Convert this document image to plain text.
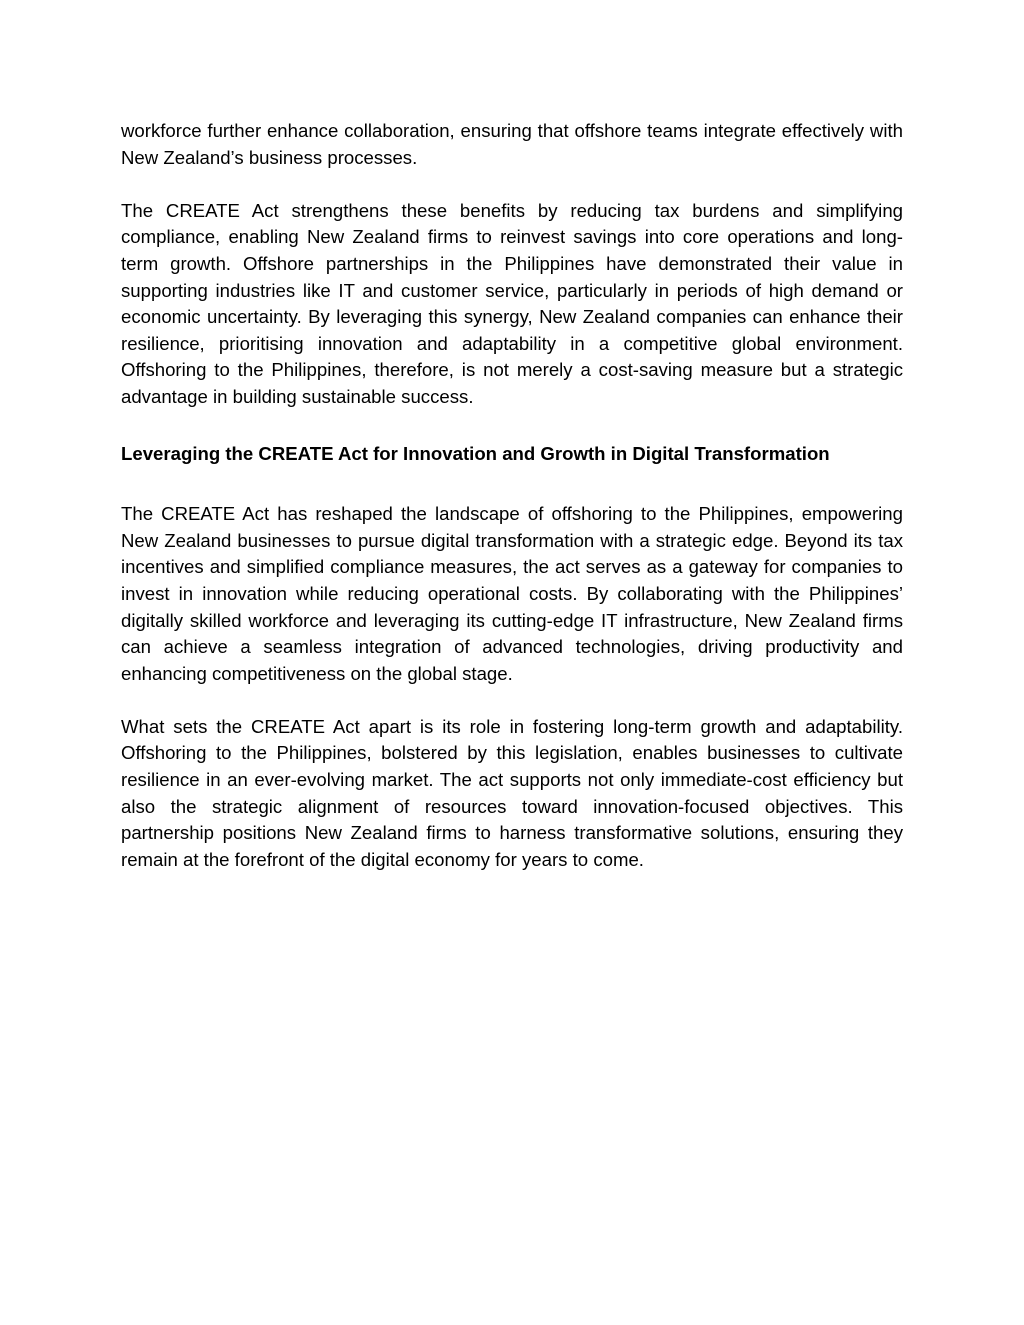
workforce further enhance collaboration, ensuring that offshore teams integrate effectively with New Zealand’s business processes.

The CREATE Act strengthens these benefits by reducing tax burdens and simplifying compliance, enabling New Zealand firms to reinvest savings into core operations and long-term growth. Offshore partnerships in the Philippines have demonstrated their value in supporting industries like IT and customer service, particularly in periods of high demand or economic uncertainty. By leveraging this synergy, New Zealand companies can enhance their resilience, prioritising innovation and adaptability in a competitive global environment. Offshoring to the Philippines, therefore, is not merely a cost-saving measure but a strategic advantage in building sustainable success.

Leveraging the CREATE Act for Innovation and Growth in Digital Transformation

The CREATE Act has reshaped the landscape of offshoring to the Philippines, empowering New Zealand businesses to pursue digital transformation with a strategic edge. Beyond its tax incentives and simplified compliance measures, the act serves as a gateway for companies to invest in innovation while reducing operational costs. By collaborating with the Philippines’ digitally skilled workforce and leveraging its cutting-edge IT infrastructure, New Zealand firms can achieve a seamless integration of advanced technologies, driving productivity and enhancing competitiveness on the global stage.

What sets the CREATE Act apart is its role in fostering long-term growth and adaptability. Offshoring to the Philippines, bolstered by this legislation, enables businesses to cultivate resilience in an ever-evolving market. The act supports not only immediate-cost efficiency but also the strategic alignment of resources toward innovation-focused objectives. This partnership positions New Zealand firms to harness transformative solutions, ensuring they remain at the forefront of the digital economy for years to come.
